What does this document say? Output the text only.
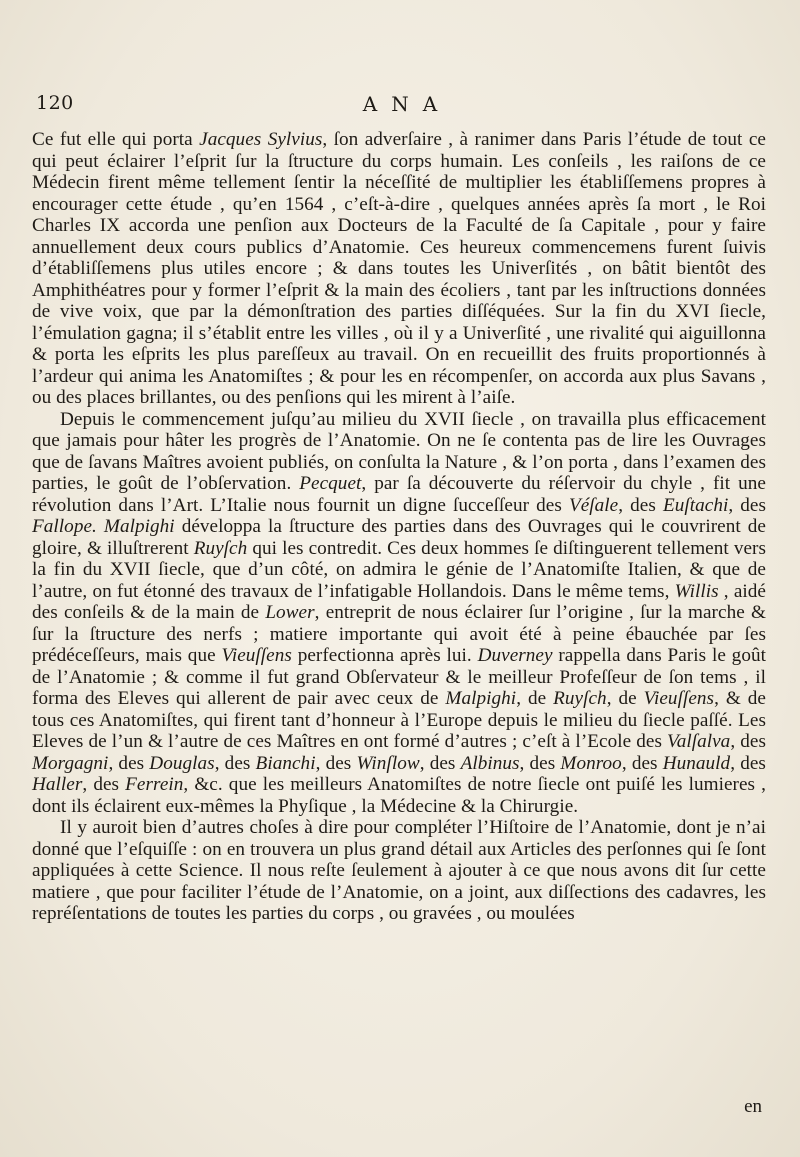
120	ANA

Ce fut elle qui porta Jacques Sylvius, ſon adverſaire , à ranimer dans Paris l’étude de tout ce qui peut éclairer l’eſprit ſur la ſtructure du corps humain. Les conſeils , les raiſons de ce Médecin firent même tellement ſentir la néceſſité de multiplier les établiſſemens propres à encourager cette étude , qu’en 1564 , c’eſt-à-dire , quelques années après ſa mort , le Roi Charles IX accorda une penſion aux Docteurs de la Faculté de ſa Capitale , pour y faire annuellement deux cours publics d’Anatomie. Ces heureux commencemens furent ſuivis d’établiſſemens plus utiles encore ; & dans toutes les Univerſités , on bâtit bientôt des Amphithéatres pour y former l’eſprit & la main des écoliers , tant par les inſtructions données de vive voix, que par la démonſtration des parties diſſéquées. Sur la fin du XVI ſiecle, l’émulation gagna; il s’établit entre les villes , où il y a Univerſité , une rivalité qui aiguillonna & porta les eſprits les plus pareſſeux au travail. On en recueillit des fruits proportionnés à l’ardeur qui anima les Anatomiſtes ; & pour les en récompenſer, on accorda aux plus Savans , ou des places brillantes, ou des penſions qui les mirent à l’aiſe.

Depuis le commencement juſqu’au milieu du XVII ſiecle , on travailla plus efficacement que jamais pour hâter les progrès de l’Anatomie. On ne ſe contenta pas de lire les Ouvrages que de ſavans Maîtres avoient publiés, on conſulta la Nature , & l’on porta , dans l’examen des parties, le goût de l’obſervation. Pecquet, par ſa découverte du réſervoir du chyle , fit une révolution dans l’Art. L’Italie nous fournit un digne ſucceſſeur des Véſale, des Euſtachi, des Fallope. Malpighi développa la ſtructure des parties dans des Ouvrages qui le couvrirent de gloire, & illuſtrerent Ruyſch qui les contredit. Ces deux hommes ſe diſtinguerent tellement vers la fin du XVII ſiecle, que d’un côté, on admira le génie de l’Anatomiſte Italien, & que de l’autre, on fut étonné des travaux de l’infatigable Hollandois. Dans le même tems, Willis , aidé des conſeils & de la main de Lower, entreprit de nous éclairer ſur l’origine , ſur la marche & ſur la ſtructure des nerfs ; matiere importante qui avoit été à peine ébauchée par ſes prédéceſſeurs, mais que Vieuſſens perfectionna après lui. Duverney rappella dans Paris le goût de l’Anatomie ; & comme il fut grand Obſervateur & le meilleur Profeſſeur de ſon tems , il forma des Eleves qui allerent de pair avec ceux de Malpighi, de Ruyſch, de Vieuſſens, & de tous ces Anatomiſtes, qui firent tant d’honneur à l’Europe depuis le milieu du ſiecle paſſé. Les Eleves de l’un & l’autre de ces Maîtres en ont formé d’autres ; c’eſt à l’Ecole des Valſalva, des Morgagni, des Douglas, des Bianchi, des Winſlow, des Albinus, des Monroo, des Hunauld, des Haller, des Ferrein, &c. que les meilleurs Anatomiſtes de notre ſiecle ont puiſé les lumieres , dont ils éclairent eux-mêmes la Phyſique , la Médecine & la Chirurgie.

Il y auroit bien d’autres choſes à dire pour compléter l’Hiſtoire de l’Anatomie, dont je n’ai donné que l’eſquiſſe : on en trouvera un plus grand détail aux Articles des perſonnes qui ſe ſont appliquées à cette Science. Il nous reſte ſeulement à ajouter à ce que nous avons dit ſur cette matiere , que pour faciliter l’étude de l’Anatomie, on a joint, aux diſſections des cadavres, les repréſentations de toutes les parties du corps , ou gravées , ou moulées

en
